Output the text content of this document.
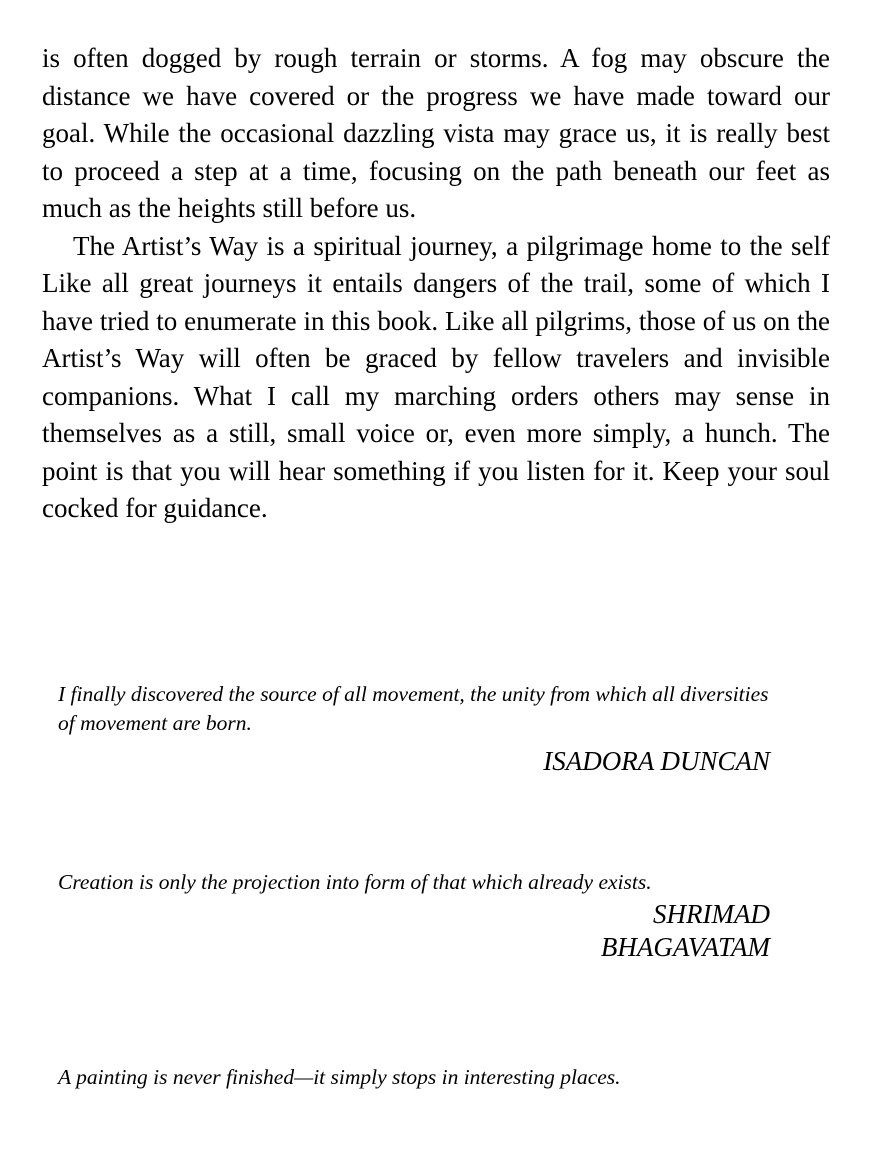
is often dogged by rough terrain or storms. A fog may obscure the distance we have covered or the progress we have made toward our goal. While the occasional dazzling vista may grace us, it is really best to proceed a step at a time, focusing on the path beneath our feet as much as the heights still before us.

The Artist’s Way is a spiritual journey, a pilgrimage home to the self Like all great journeys it entails dangers of the trail, some of which I have tried to enumerate in this book. Like all pilgrims, those of us on the Artist’s Way will often be graced by fellow travelers and invisible companions. What I call my marching orders others may sense in themselves as a still, small voice or, even more simply, a hunch. The point is that you will hear something if you listen for it. Keep your soul cocked for guidance.

I finally discovered the source of all movement, the unity from which all diversities of movement are born.

ISADORA DUNCAN

Creation is only the projection into form of that which already exists.

SHRIMAD
BHAGAVATAM

A painting is never finished—it simply stops in interesting places.
